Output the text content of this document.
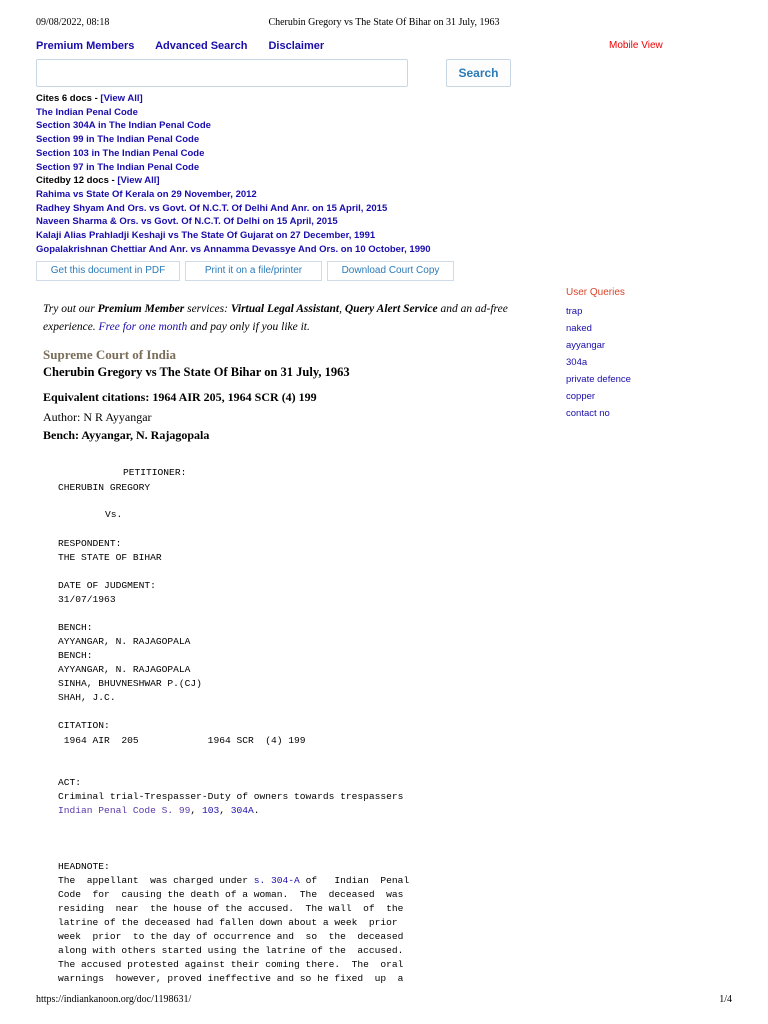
09/08/2022, 08:18	Cherubin Gregory vs The State Of Bihar on 31 July, 1963
Premium Members Advanced Search Disclaimer	Mobile View
Search
Cites 6 docs - [View All]
The Indian Penal Code
Section 304A in The Indian Penal Code
Section 99 in The Indian Penal Code
Section 103 in The Indian Penal Code
Section 97 in The Indian Penal Code
Citedby 12 docs - [View All]
Rahima vs State Of Kerala on 29 November, 2012
Radhey Shyam And Ors. vs Govt. Of N.C.T. Of Delhi And Anr. on 15 April, 2015
Naveen Sharma & Ors. vs Govt. Of N.C.T. Of Delhi on 15 April, 2015
Kalaji Alias Prahladji Keshaji vs The State Of Gujarat on 27 December, 1991
Gopalakrishnan Chettiar And Anr. vs Annamma Devassye And Ors. on 10 October, 1990
Get this document in PDF	Print it on a file/printer	Download Court Copy
Try out our Premium Member services: Virtual Legal Assistant, Query Alert Service and an ad-free experience. Free for one month and pay only if you like it.
Supreme Court of India
Cherubin Gregory vs The State Of Bihar on 31 July, 1963
Equivalent citations: 1964 AIR 205, 1964 SCR (4) 199
Author: N R Ayyangar
Bench: Ayyangar, N. Rajagopala
User Queries
trap
naked
ayyangar
304a
private defence
copper
contact no
PETITIONER:
CHERUBIN GREGORY
Vs.
RESPONDENT:
THE STATE OF BIHAR
DATE OF JUDGMENT:
31/07/1963
BENCH:
AYYANGAR, N. RAJAGOPALA
BENCH:
AYYANGAR, N. RAJAGOPALA
SINHA, BHUVNESHWAR P.(CJ)
SHAH, J.C.
CITATION:
1964 AIR  205            1964 SCR  (4) 199
ACT:
Criminal trial-Trespasser-Duty of owners towards trespassers
Indian Penal Code S. 99, 103, 304A.
HEADNOTE:
The  appellant  was charged under s. 304-A of   Indian  Penal
Code  for  causing the death of a woman.  The  deceased  was
residing  near  the house of the accused.  The wall  of  the
latrine of the deceased had fallen down about a week  prior
week  prior  to the day of occurrence and  so  the  deceased
along with others started using the latrine of the  accused.
The accused protested against their coming there.  The  oral
warnings  however, proved ineffective and so he fixed  up  a
https://indiankanoon.org/doc/1198631/	1/4
